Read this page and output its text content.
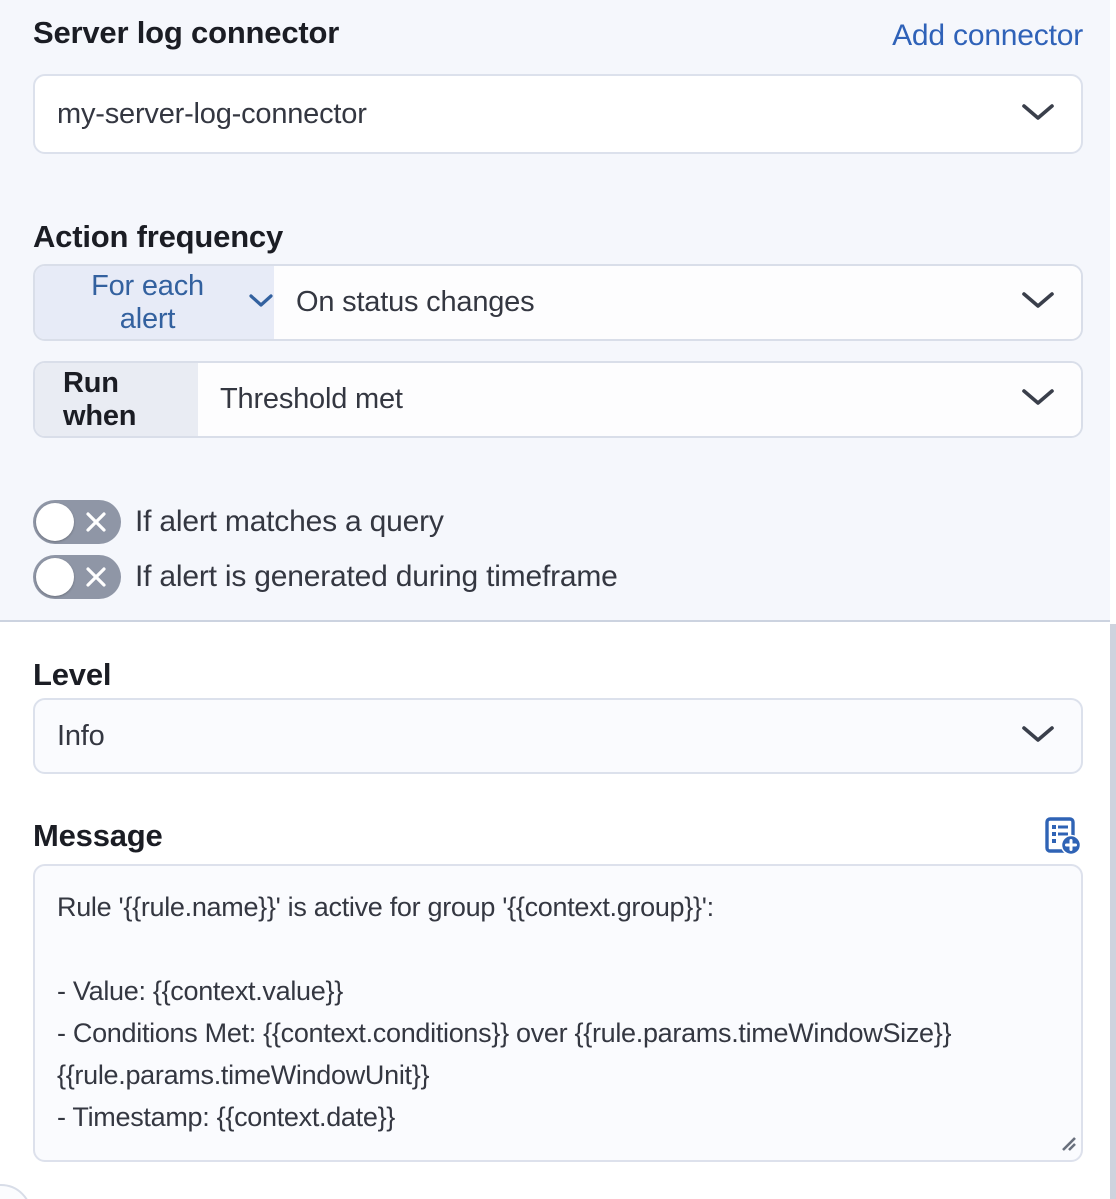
Server log connector	Add connector
my-server-log-connector
Action frequency
For each alert
On status changes
Run when
Threshold met
If alert matches a query
If alert is generated during timeframe
Level
Info
Message
Rule '{{rule.name}}' is active for group '{{context.group}}': - Value: {{context.value}} - Conditions Met: {{context.conditions}} over {{rule.params.timeWindowSize}} {{rule.params.timeWindowUnit}} - Timestamp: {{context.date}}
